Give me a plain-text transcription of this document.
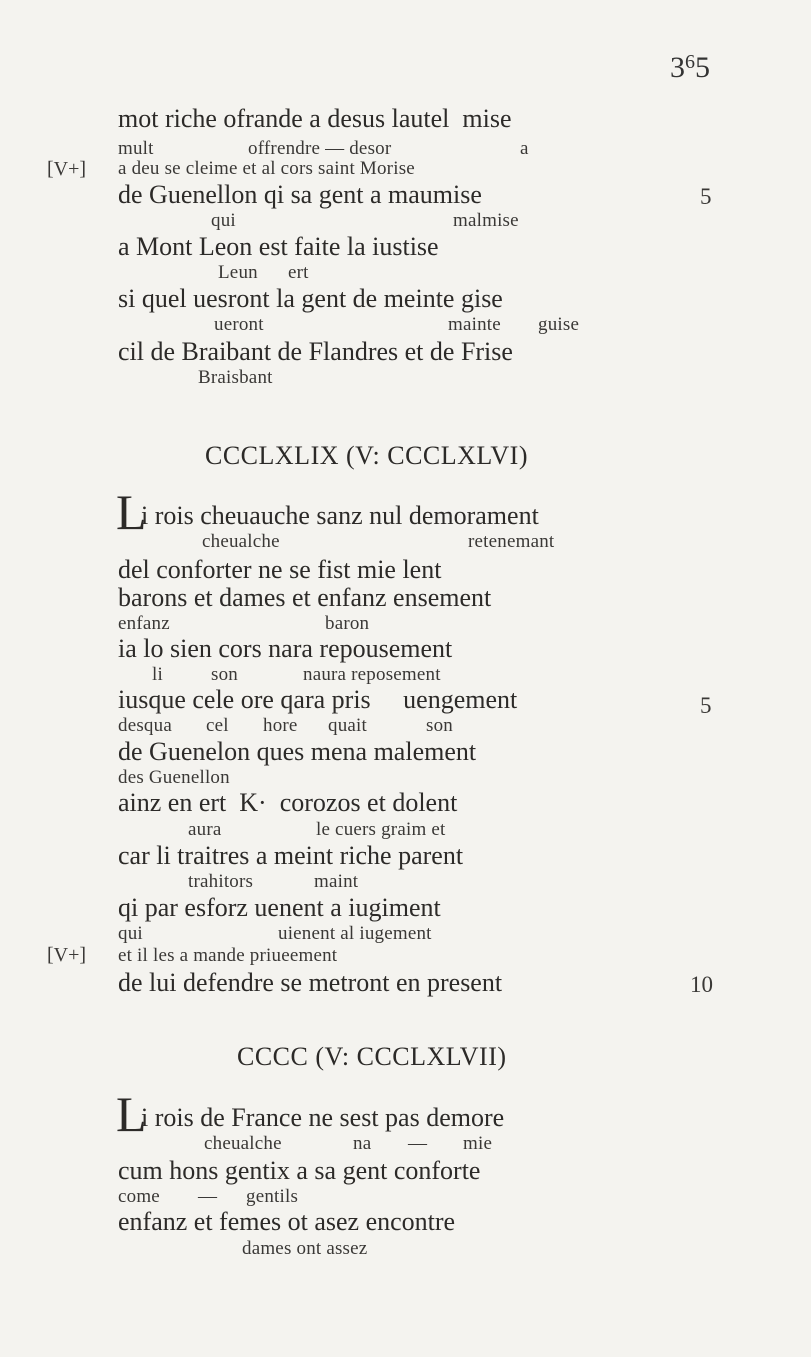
$3^65$
mot riche ofrande a desus lautel  mise

mult

	offrendre — desor

	a

[V+] a deu se cleime et al cors saint Morise
de Guenellon qi sa gent a maumise	5

qui

	malmise

a Mont Leon est faite la iustise

Leun

ert

si quel uesront la gent de meinte gise

ueront

	mainte

guise

cil de Braibant de Flandres et de Frise
Braisbant
CCCLXLIX (V: CCCLXLVI)
L
i rois cheuauche sanz nul demorament

cheualche

	retenemant

del conforter ne se fist mie lent
barons et dames et enfanz ensement

enfanz

	baron

ia lo sien cors nara repousement

li

	son

	naura reposement

iusque cele ore qara pris     uengement	5

desqua

cel

hore

quait

	son

de Guenelon ques mena malement
des Guenellon
ainz en ert  K·  corozos et dolent

aura

	le cuers graim et

car li traitres a meint riche parent

trahitors

	maint

qi par esforz uenent a iugiment

qui

	uienent al iugement

[V+] et il les a mande priueement
de lui defendre se metront en present	10
CCCC (V: CCCLXLVII)
L
i rois de France ne sest pas demore

cheualche

	na

—

mie

cum hons gentix a sa gent conforte

come

—

gentils

enfanz et femes ot asez encontre
dames ont assez
